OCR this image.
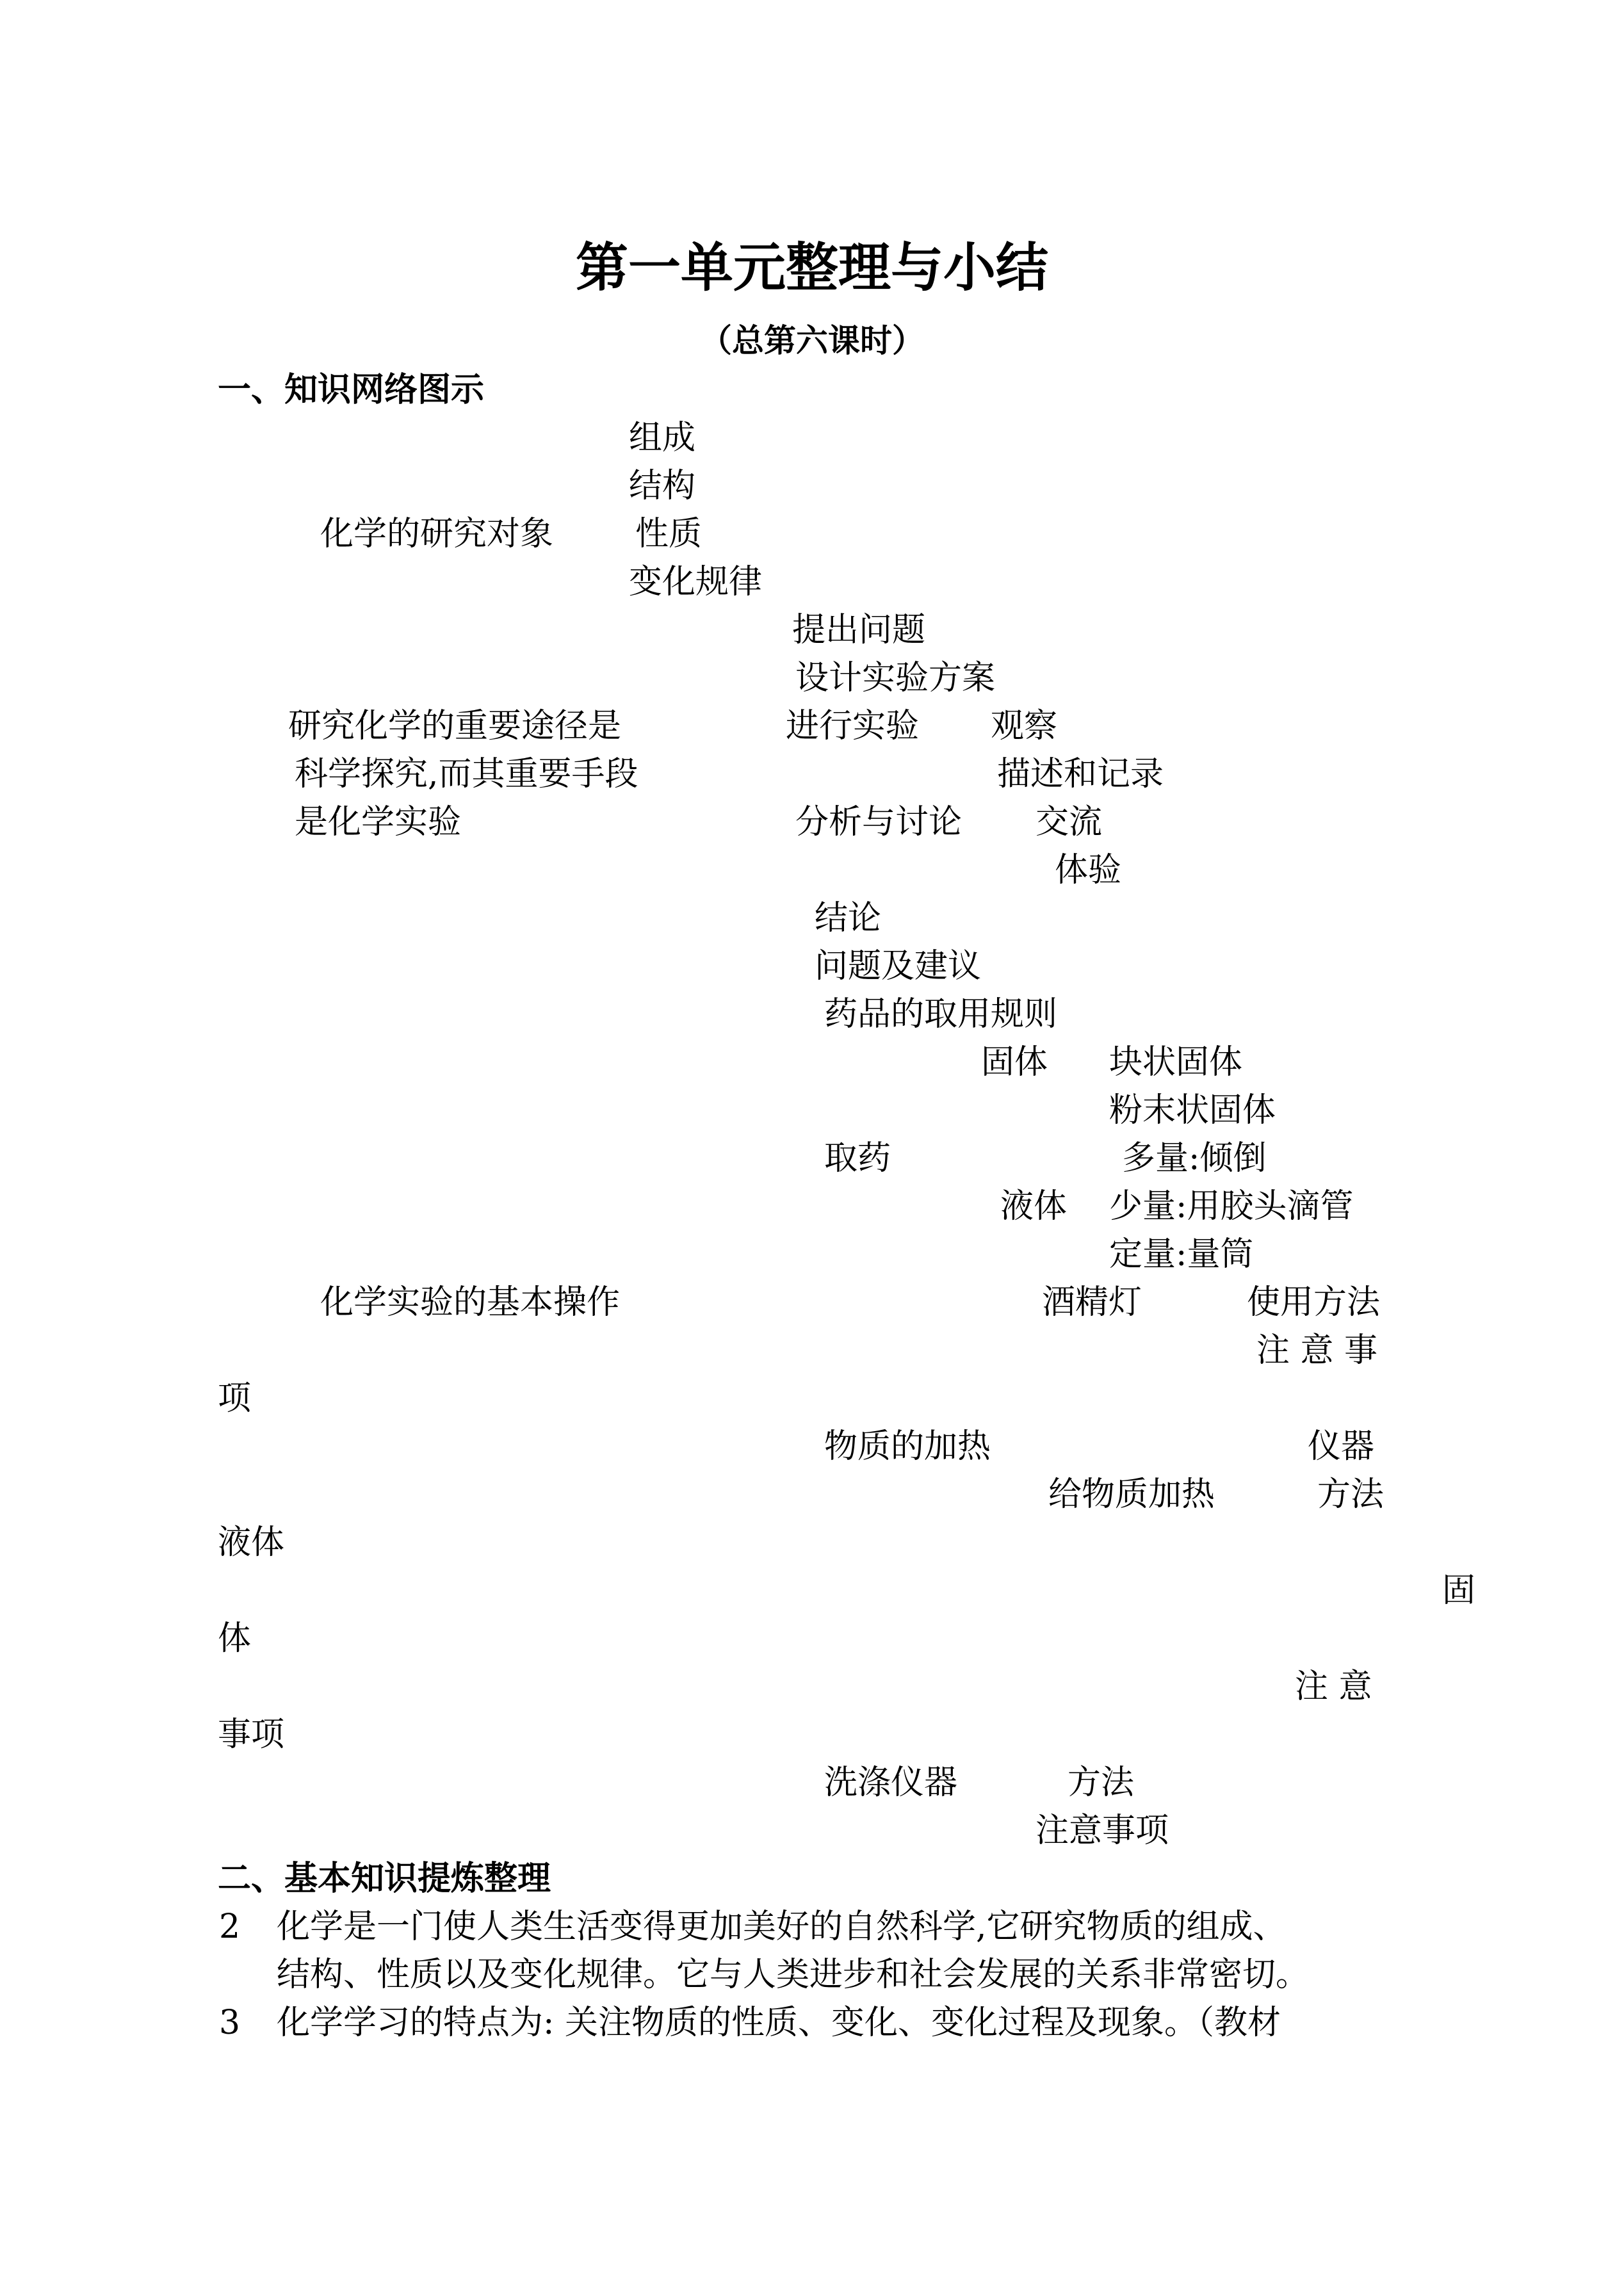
第一单元整理与小结
（总第六课时）
一、知识网络图示
组成
结构
化学的研究对象 性质
变化规律
提出问题
设计实验方案
研究化学的重要途径是	进行实验 观察
科学探究,而其重要手段	描述和记录
是化学实验	分析与讨论 交流
体验
结论
问题及建议
药品的取用规则
固体 块状固体
粉末状固体
取药	多量:倾倒
液体 少量:用胶头滴管
定量:量筒
化学实验的基本操作	酒精灯	使用方法
注 意 事
项
物质的加热	仪器
给物质加热	方法
液体
固
体
注 意
事项
洗涤仪器	方法
注意事项
二、基本知识提炼整理
2 化学是一门使人类生活变得更加美好的自然科学,它研究物质的组成、
结构、性质以及变化规律。它与人类进步和社会发展的关系非常密切。
3 化学学习的特点为: 关注物质的性质、变化、变化过程及现象。（教材
